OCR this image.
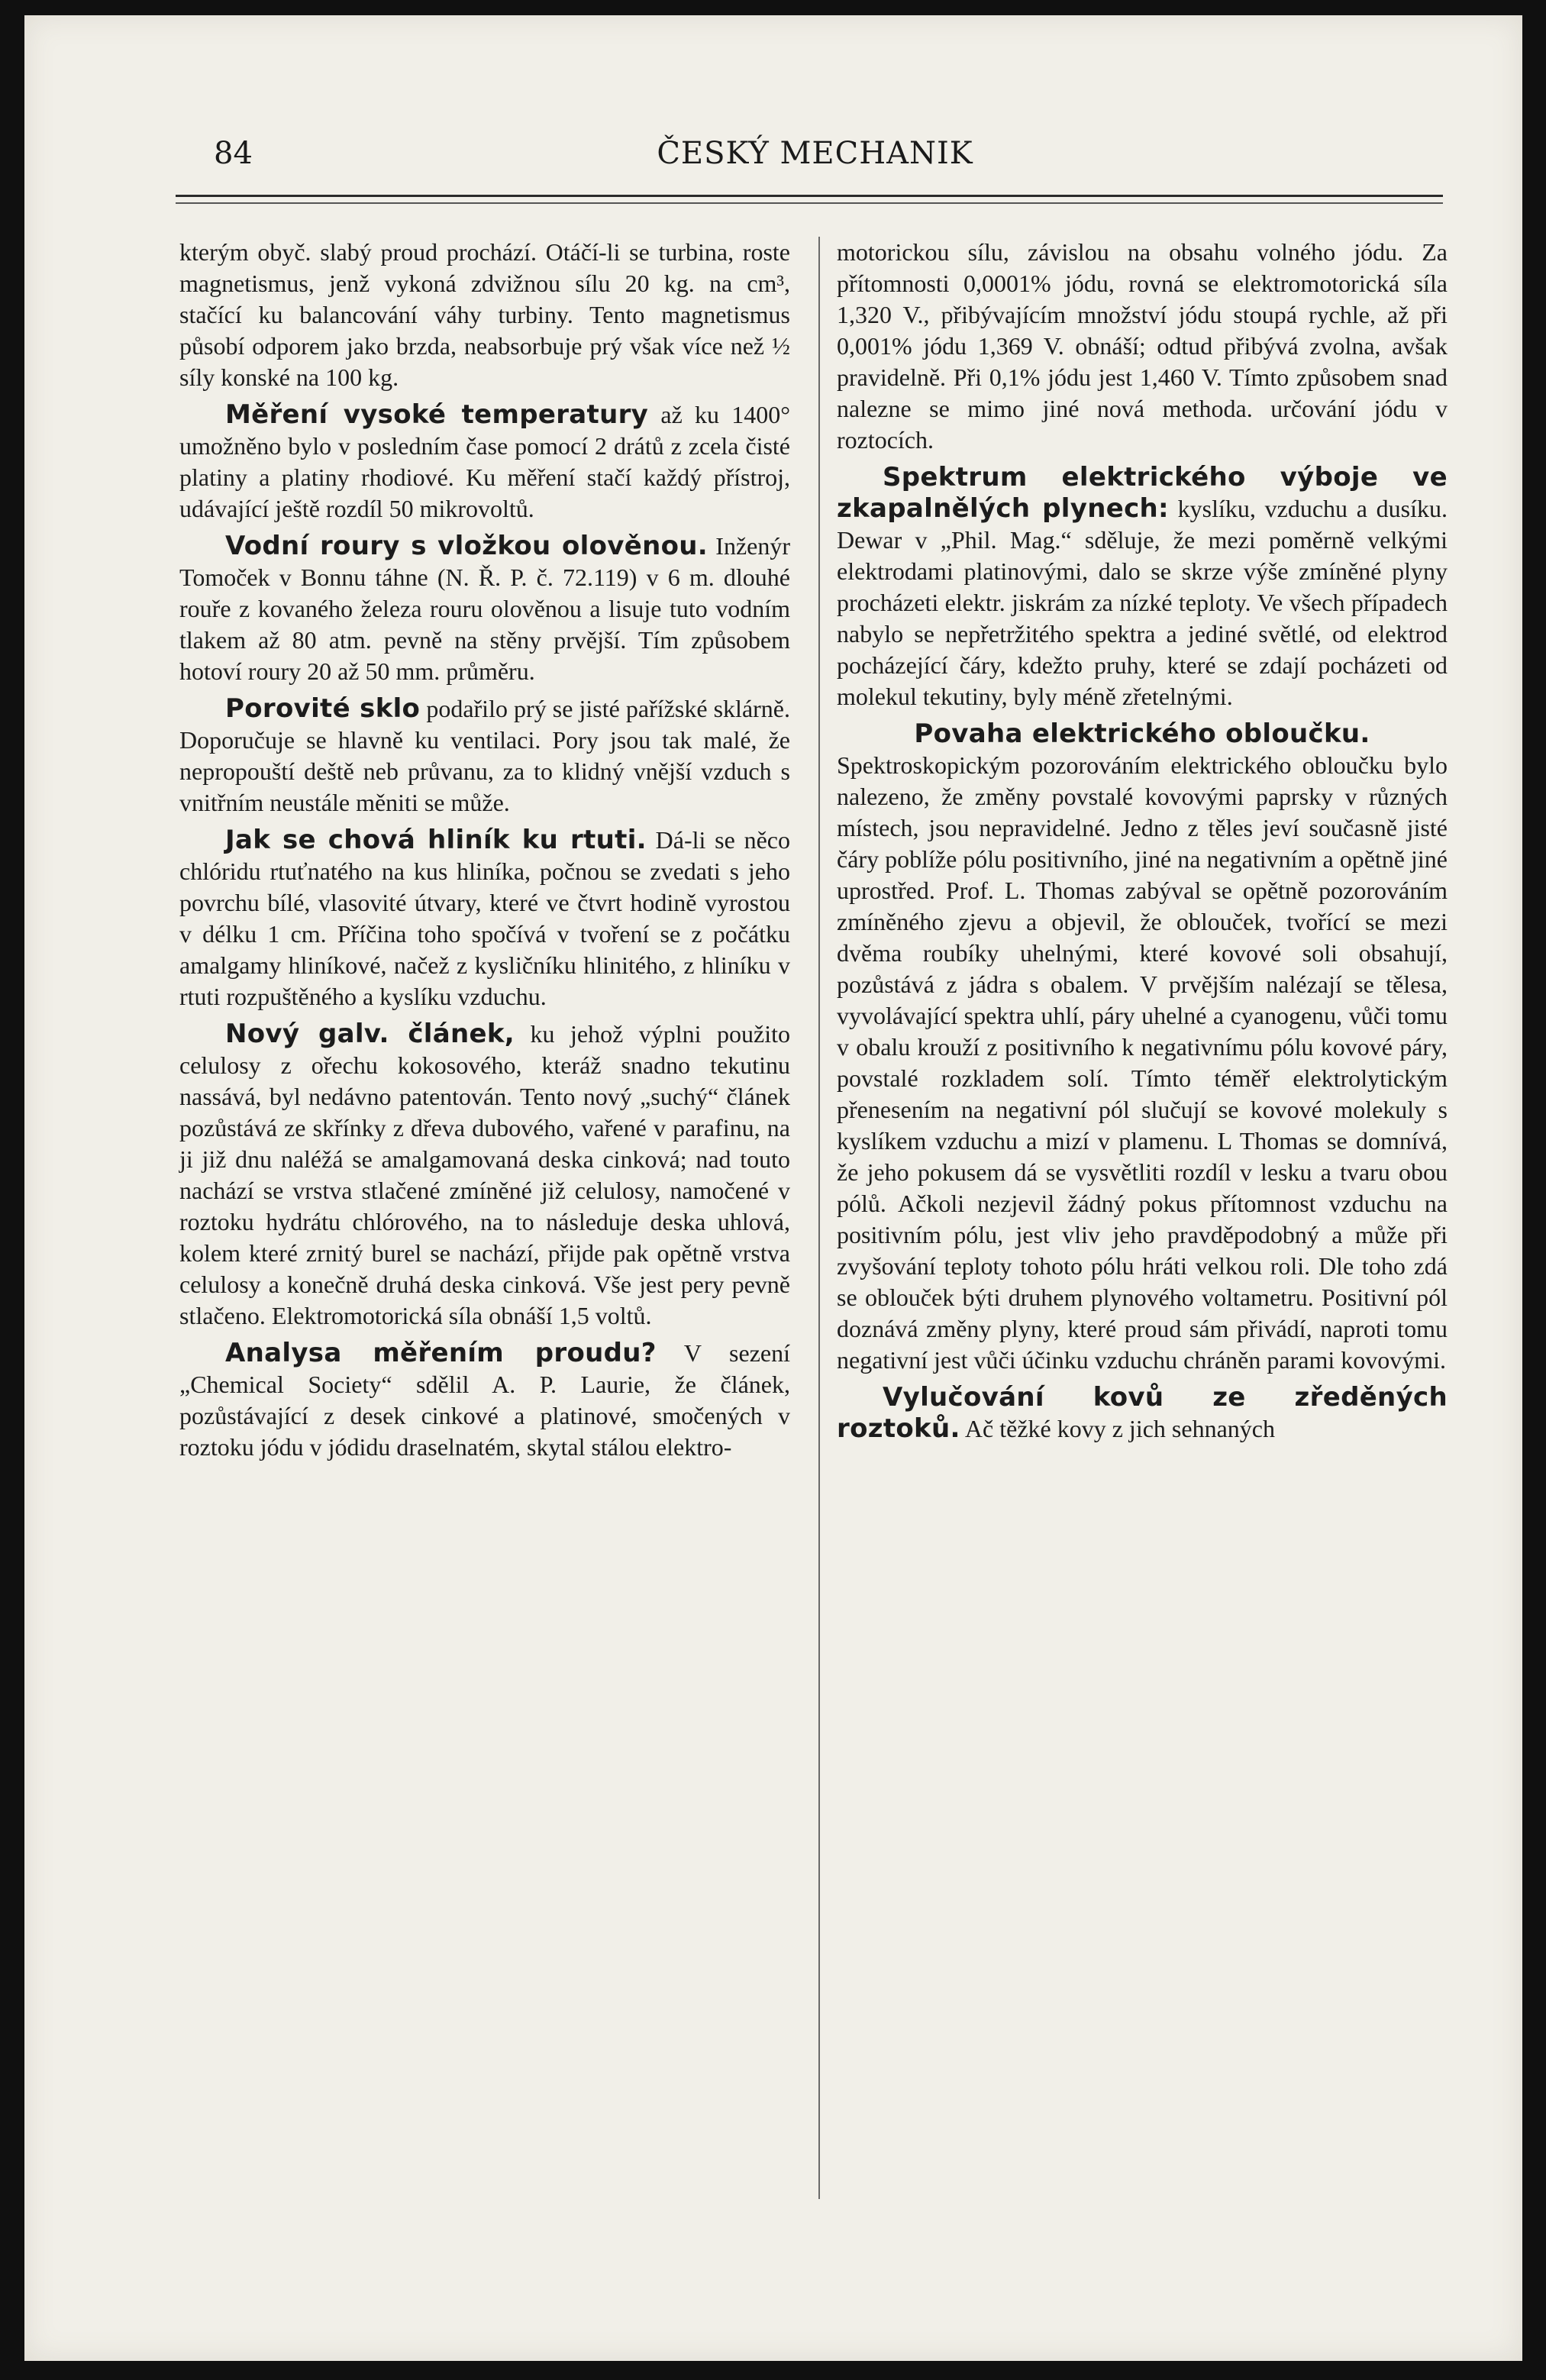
84	ČESKÝ MECHANIK

kterým obyč. slabý proud prochází. Otáčí-li se turbina, roste magnetismus, jenž vykoná zdvižnou sílu 20 kg. na cm³, stačící ku balancování váhy turbiny. Tento magnetismus působí odporem jako brzda, neabsorbuje prý však více než ½ síly konské na 100 kg.

Měření vysoké temperatury až ku 1400° umožněno bylo v posledním čase pomocí 2 drátů z zcela čisté platiny a platiny rhodiové. Ku měření stačí každý přístroj, udávající ještě rozdíl 50 mikrovoltů.

Vodní roury s vložkou olověnou. Inženýr Tomoček v Bonnu táhne (N. Ř. P. č. 72.119) v 6 m. dlouhé rouře z kovaného železa rouru olověnou a lisuje tuto vodním tlakem až 80 atm. pevně na stěny prvější. Tím způsobem hotoví roury 20 až 50 mm. průměru.

Porovité sklo podařilo prý se jisté pařížské sklárně. Doporučuje se hlavně ku ventilaci. Pory jsou tak malé, že nepropouští deště neb průvanu, za to klidný vnější vzduch s vnitřním neustále měniti se může.

Jak se chová hliník ku rtuti. Dá-li se něco chlóridu rtuťnatého na kus hliníka, počnou se zvedati s jeho povrchu bílé, vlasovité útvary, které ve čtvrt hodině vyrostou v délku 1 cm. Příčina toho spočívá v tvoření se z počátku amalgamy hliníkové, načež z kysličníku hlinitého, z hliníku v rtuti rozpuštěného a kyslíku vzduchu.

Nový galv. článek, ku jehož výplni použito celulosy z ořechu kokosového, kteráž snadno tekutinu nassává, byl nedávno patentován. Tento nový „suchý“ článek pozůstává ze skřínky z dřeva dubového, vařené v parafinu, na ji již dnu naléžá se amalgamovaná deska cinková; nad touto nachází se vrstva stlačené zmíněné již celulosy, namočené v roztoku hydrátu chlórového, na to následuje deska uhlová, kolem které zrnitý burel se nachází, přijde pak opětně vrstva celulosy a konečně druhá deska cinková. Vše jest pery pevně stlačeno. Elektromotorická síla obnáší 1,5 voltů.

Analysa měřením proudu? V sezení „Chemical Society“ sdělil A. P. Laurie, že článek, pozůstávající z desek cinkové a platinové, smočených v roztoku jódu v jódidu draselnatém, skytal stálou elektro-

motorickou sílu, závislou na obsahu volného jódu. Za přítomnosti 0,0001% jódu, rovná se elektromotorická síla 1,320 V., přibývajícím množství jódu stoupá rychle, až při 0,001% jódu 1,369 V. obnáší; odtud přibývá zvolna, avšak pravidelně. Při 0,1% jódu jest 1,460 V. Tímto způsobem snad nalezne se mimo jiné nová methoda. určování jódu v roztocích.

Spektrum elektrického výboje ve zkapalnělých plynech: kyslíku, vzduchu a dusíku. Dewar v „Phil. Mag.“ sděluje, že mezi poměrně velkými elektrodami platinovými, dalo se skrze výše zmíněné plyny procházeti elektr. jiskrám za nízké teploty. Ve všech případech nabylo se nepřetržitého spektra a jediné světlé, od elektrod pocházející čáry, kdežto pruhy, které se zdají pocházeti od molekul tekutiny, byly méně zřetelnými.

Povaha elektrického obloučku.

Spektroskopickým pozorováním elektrického obloučku bylo nalezeno, že změny povstalé kovovými paprsky v různých místech, jsou nepravidelné. Jedno z těles jeví současně jisté čáry poblíže pólu positivního, jiné na negativním a opětně jiné uprostřed. Prof. L. Thomas zabýval se opětně pozorováním zmíněného zjevu a objevil, že oblouček, tvořící se mezi dvěma roubíky uhelnými, které kovové soli obsahují, pozůstává z jádra s obalem. V prvějším nalézají se tělesa, vyvolávající spektra uhlí, páry uhelné a cyanogenu, vůči tomu v obalu krouží z positivního k negativnímu pólu kovové páry, povstalé rozkladem solí. Tímto téměř elektrolytickým přenesením na negativní pól slučují se kovové molekuly s kyslíkem vzduchu a mizí v plamenu. L Thomas se domnívá, že jeho pokusem dá se vysvětliti rozdíl v lesku a tvaru obou pólů. Ačkoli nezjevil žádný pokus přítomnost vzduchu na positivním pólu, jest vliv jeho pravděpodobný a může při zvyšování teploty tohoto pólu hráti velkou roli. Dle toho zdá se oblouček býti druhem plynového voltametru. Positivní pól doznává změny plyny, které proud sám přivádí, naproti tomu negativní jest vůči účinku vzduchu chráněn parami kovovými.

Vylučování kovů ze zředěných roztoků. Ač těžké kovy z jich sehnaných
